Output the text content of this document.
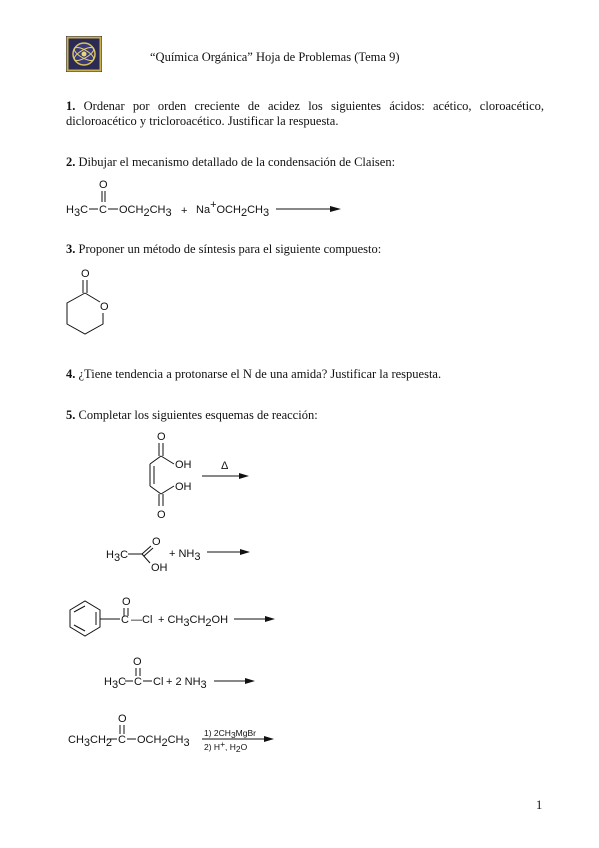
“Química Orgánica” Hoja de Problemas (Tema 9)
1. Ordenar por orden creciente de acidez los siguientes ácidos: acético, cloroacético,
dicloroacético y tricloroacético. Justificar la respuesta.
2. Dibujar el mecanismo detallado de la condensación de Claisen:
O
H3C C OCH2CH3 + Na+OCH2CH3
3. Proponer un método de síntesis para el siguiente compuesto:
O
O
4. ¿Tiene tendencia a protonarse el N de una amida? Justificar la respuesta.
5. Completar los siguientes esquemas de reacción:
O
OH
OH
O
Δ
O
H3C
OH
+ NH3
O
C —Cl + CH3CH2OH
O
H3C C Cl + 2 NH3
O
CH3CH2 C OCH2CH3
1) 2CH3MgBr
2) H+, H2O
1
